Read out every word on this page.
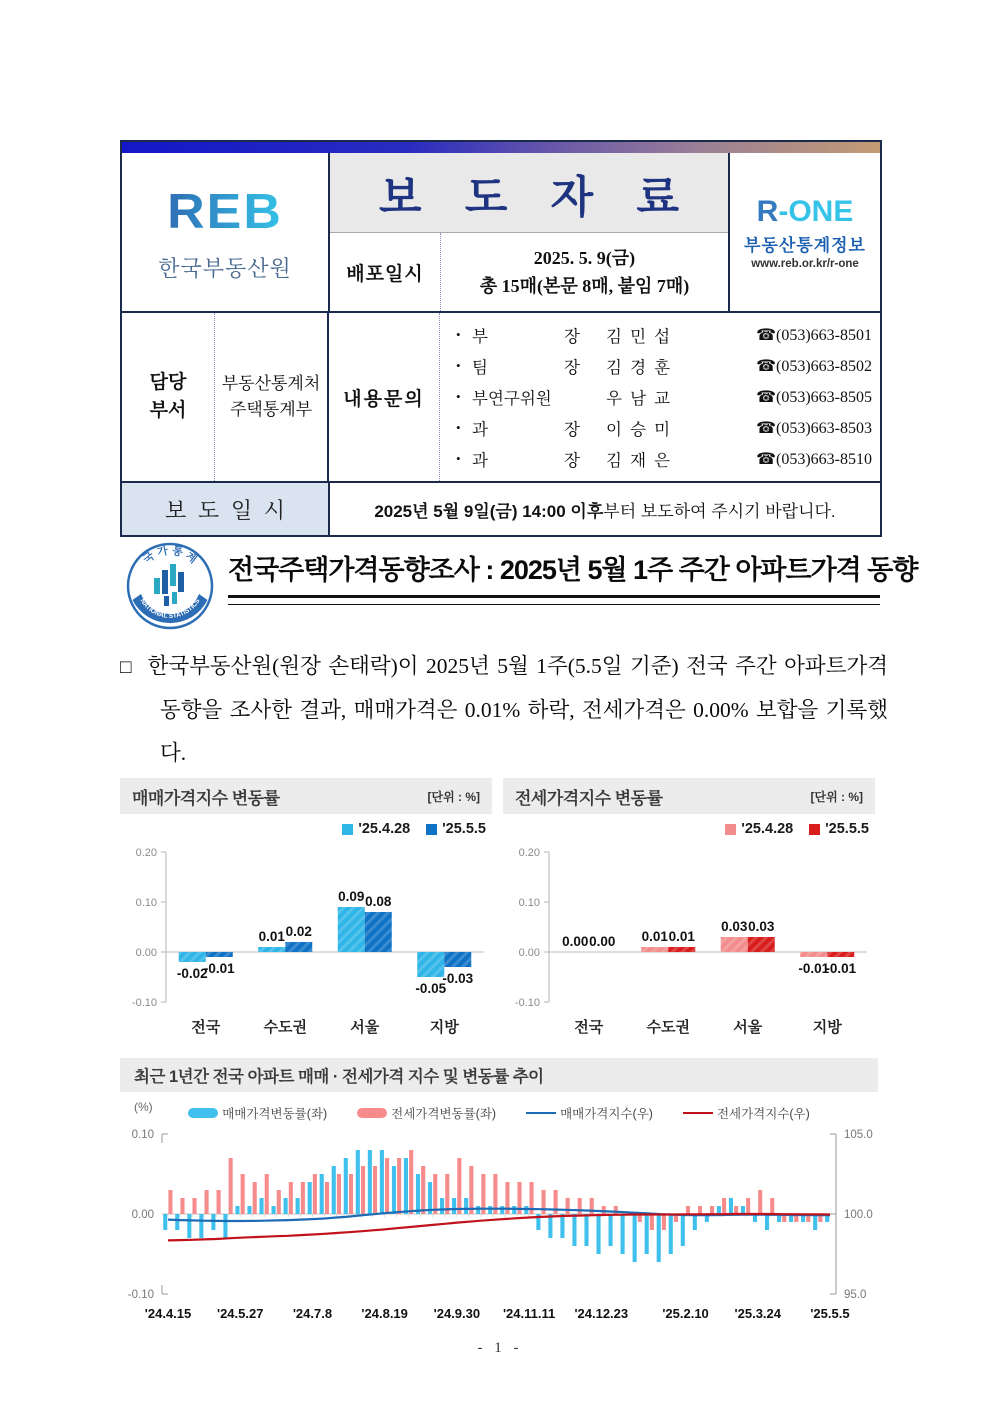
REB
한국부동산원
보 도 자 료
배포일시
2025. 5. 9(금)
총 15매(본문 8매, 붙임 7매)
R-ONE
부동산통계정보
www.reb.or.kr/r-one
담당
부서
부동산통계처
주택통계부	내용문의
• 부 장 김 민 섭	☎(053)663-8501
• 팀 장 김 경 훈	☎(053)663-8502
• 부연구위원	우 남 교	☎(053)663-8505
• 과 장 이 승 미	☎(053)663-8503
• 과 장 김 재 은	☎(053)663-8510
보 도 일 시	2025년 5월 9일(금) 14:00 이후 부터 보도하여 주시기 바랍니다.
국 가 통 계
NATIONAL STATISTICS
전국주택가격동향조사 : 2025년 5월 1주 주간 아파트가격 동향
□ 한국부동산원(원장 손태락)이 2025년 5월 1주(5.5일 기준) 전국 주간 아파트가격 동향을 조사한 결과, 매매가격은 0.01% 하락, 전세가격은 0.00% 보합을 기록했다.
매매가격지수 변동률	[단위 : %]
'25.4.28 '25.5.5
0.20
0.10
0.00
-0.10
전국
-0.02
-0.01
수도권
0.01 0.02
서울
0.09 0.08
지방
-0.05
-0.03
전세가격지수 변동률	[단위 : %]
'25.4.28 '25.5.5
0.20
0.10
0.00
-0.10
전국
0.00 0.00
수도권
0.01 0.01
서울
0.03 0.03
지방
-0.01
-0.01
최근 1년간 전국 아파트 매매 · 전세가격 지수 및 변동률 추이
(%)	매매가격변동률(좌)	전세가격변동률(좌)	매매가격지수(우)	전세가격지수(우)
0.10
0.00
-0.10
105.0
100.0
95.0
'24.4.15 '24.5.27 '24.7.8 '24.8.19 '24.9.30 '24.11.11 '24.12.23	'25.2.10 '25.3.24 '25.5.5
- 1 -
